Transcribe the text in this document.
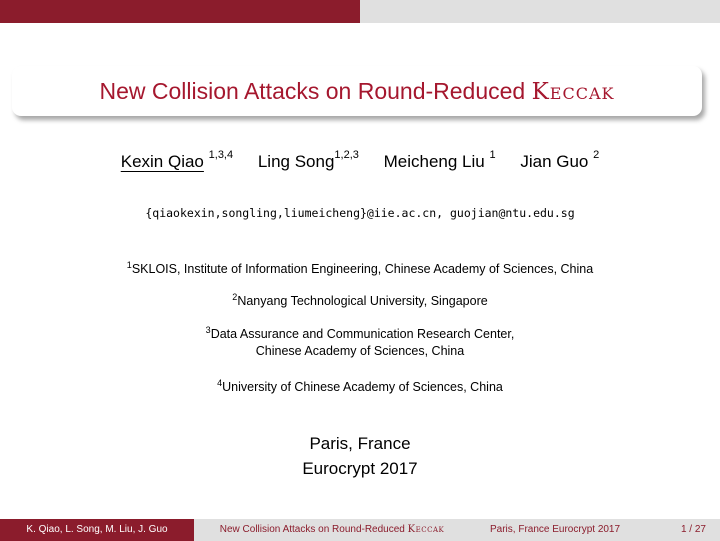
New Collision Attacks on Round-Reduced Keccak
Kexin Qiao $^{1,3,4}$ Ling Song$^{1,2,3}$ Meicheng Liu $^1$ Jian Guo $^2$
{qiaokexin,songling,liumeicheng}@iie.ac.cn, guojian@ntu.edu.sg
$^1$SKLOIS, Institute of Information Engineering, Chinese Academy of Sciences, China
$^2$Nanyang Technological University, Singapore
$^3$Data Assurance and Communication Research Center,
Chinese Academy of Sciences, China
$^4$University of Chinese Academy of Sciences, China
Paris, France
Eurocrypt 2017
K. Qiao, L. Song, M. Liu, J. Guo	New Collision Attacks on Round-Reduced Keccak	Paris, France Eurocrypt 2017	1 / 27
